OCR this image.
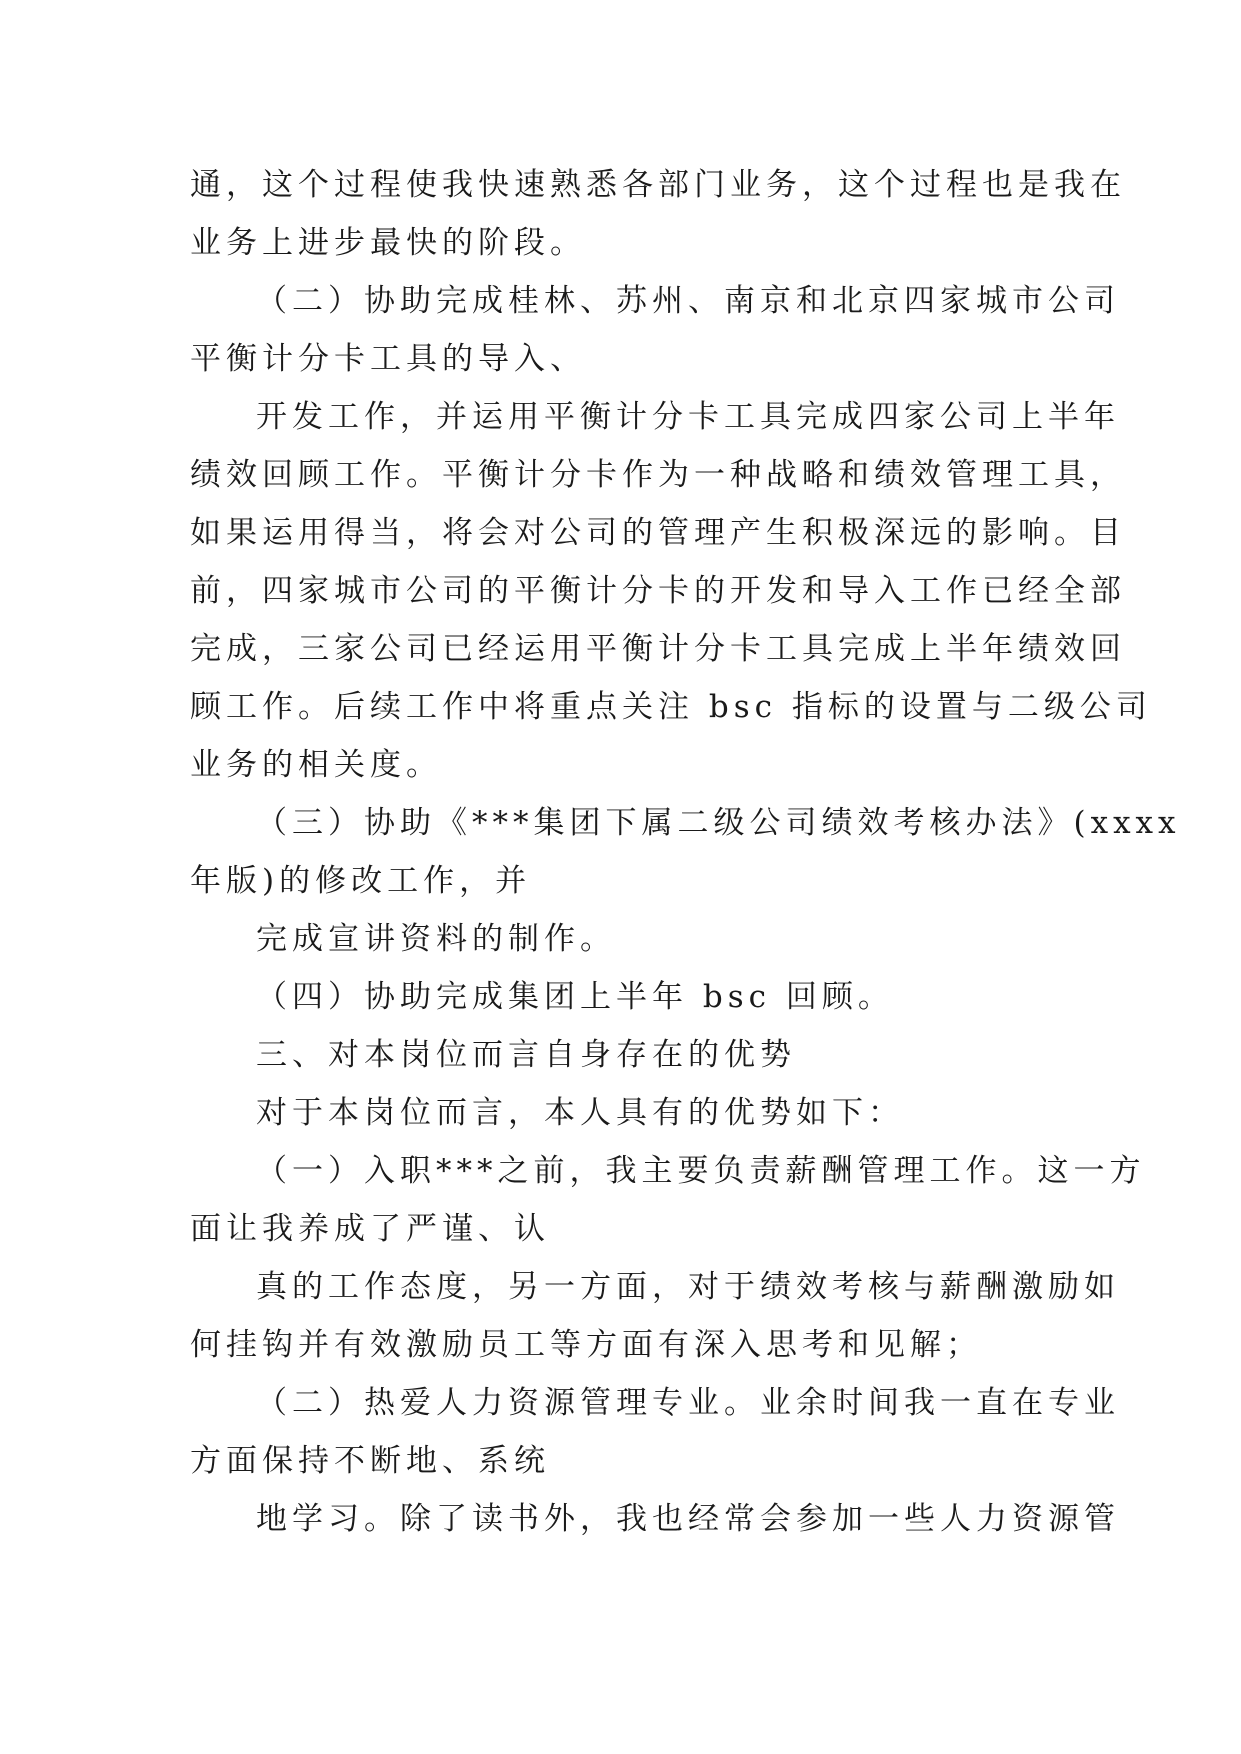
通，这个过程使我快速熟悉各部门业务，这个过程也是我在
业务上进步最快的阶段。
（二）协助完成桂林、苏州、南京和北京四家城市公司
平衡计分卡工具的导入、
开发工作，并运用平衡计分卡工具完成四家公司上半年
绩效回顾工作。平衡计分卡作为一种战略和绩效管理工具，
如果运用得当，将会对公司的管理产生积极深远的影响。目
前，四家城市公司的平衡计分卡的开发和导入工作已经全部
完成，三家公司已经运用平衡计分卡工具完成上半年绩效回
顾工作。后续工作中将重点关注 bsc 指标的设置与二级公司
业务的相关度。
（三）协助《***集团下属二级公司绩效考核办法》(xxxx
年版)的修改工作，并
完成宣讲资料的制作。
（四）协助完成集团上半年 bsc 回顾。
三、对本岗位而言自身存在的优势
对于本岗位而言，本人具有的优势如下：
（一）入职***之前，我主要负责薪酬管理工作。这一方
面让我养成了严谨、认
真的工作态度，另一方面，对于绩效考核与薪酬激励如
何挂钩并有效激励员工等方面有深入思考和见解；
（二）热爱人力资源管理专业。业余时间我一直在专业
方面保持不断地、系统
地学习。除了读书外，我也经常会参加一些人力资源管
